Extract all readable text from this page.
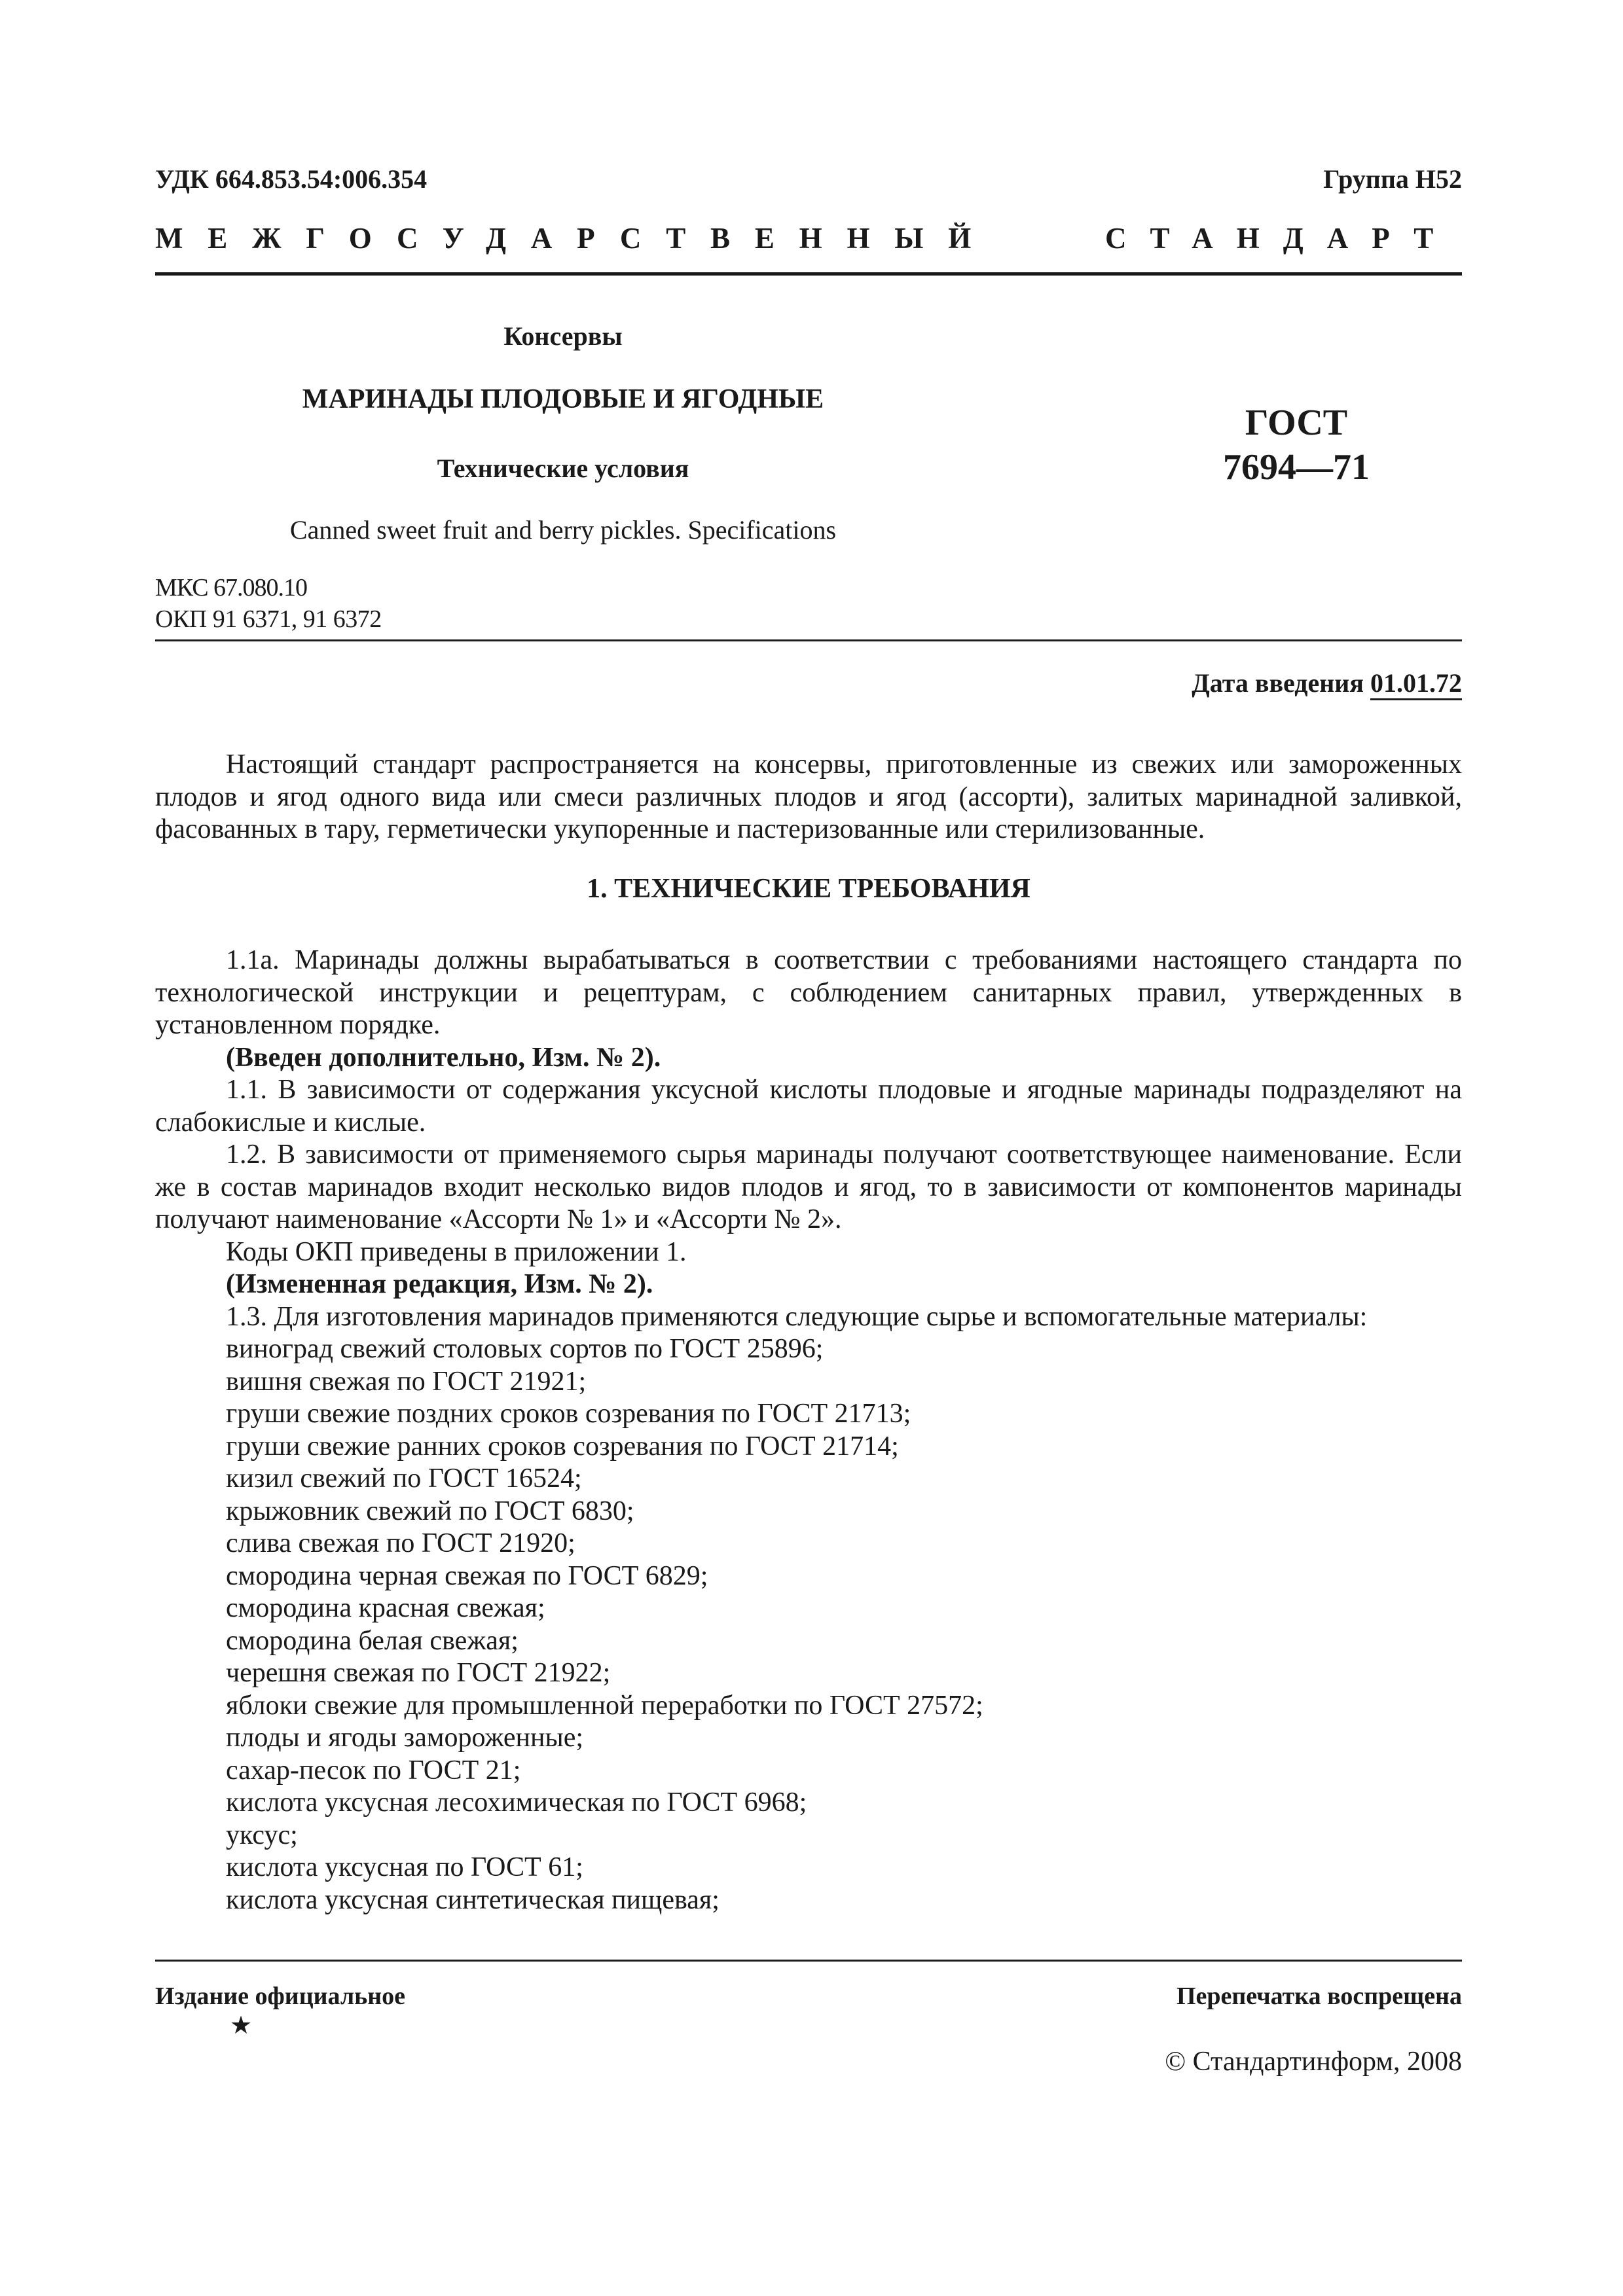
УДК 664.853.54:006.354	Группа Н52
МЕЖГОСУДАРСТВЕННЫЙ	СТАНДАРТ
Консервы
МАРИНАДЫ ПЛОДОВЫЕ И ЯГОДНЫЕ
Технические условия
Canned sweet fruit and berry pickles. Specifications
ГОСТ
7694—71
МКС 67.080.10
ОКП 91 6371, 91 6372
Дата введения 01.01.72

Настоящий стандарт распространяется на консервы, приготовленные из свежих или замороженных плодов и ягод одного вида или смеси различных плодов и ягод (ассорти), залитых маринадной заливкой, фасованных в тару, герметически укупоренные и пастеризованные или стерилизованные.

1. ТЕХНИЧЕСКИЕ ТРЕБОВАНИЯ

1.1а. Маринады должны вырабатываться в соответствии с требованиями настоящего стандарта по технологической инструкции и рецептурам, с соблюдением санитарных правил, утвержденных в установленном порядке.

(Введен дополнительно, Изм. № 2).

1.1. В зависимости от содержания уксусной кислоты плодовые и ягодные маринады подразделяют на слабокислые и кислые.

1.2. В зависимости от применяемого сырья маринады получают соответствующее наименование. Если же в состав маринадов входит несколько видов плодов и ягод, то в зависимости от компонентов маринады получают наименование «Ассорти № 1» и «Ассорти № 2».

Коды ОКП приведены в приложении 1.
(Измененная редакция, Изм. № 2).
1.3. Для изготовления маринадов применяются следующие сырье и вспомогательные материалы:
виноград свежий столовых сортов по ГОСТ 25896;
вишня свежая по ГОСТ 21921;
груши свежие поздних сроков созревания по ГОСТ 21713;
груши свежие ранних сроков созревания по ГОСТ 21714;
кизил свежий по ГОСТ 16524;
крыжовник свежий по ГОСТ 6830;
слива свежая по ГОСТ 21920;
смородина черная свежая по ГОСТ 6829;
смородина красная свежая;
смородина белая свежая;
черешня свежая по ГОСТ 21922;
яблоки свежие для промышленной переработки по ГОСТ 27572;
плоды и ягоды замороженные;
сахар-песок по ГОСТ 21;
кислота уксусная лесохимическая по ГОСТ 6968;
уксус;
кислота уксусная по ГОСТ 61;
кислота уксусная синтетическая пищевая;
Издание официальное
★
Перепечатка воспрещена
© Стандартинформ, 2008
